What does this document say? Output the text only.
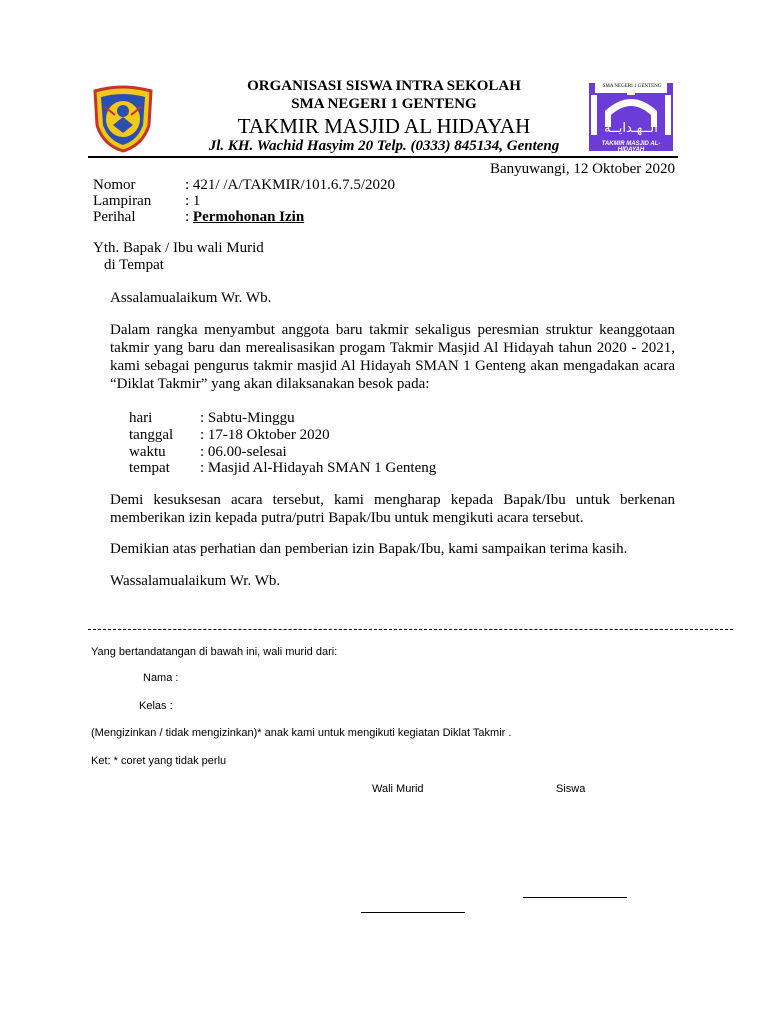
SMA NEGERI 1 GENTENG
الــهـدايــه
TAKMIR MASJID AL-HIDAYAH
ORGANISASI SISWA INTRA SEKOLAH
SMA NEGERI 1 GENTENG
TAKMIR MASJID AL HIDAYAH
Jl. KH. Wachid Hasyim 20 Telp. (0333) 845134, Genteng
Banyuwangi, 12 Oktober 2020
Nomor	: 421/ /A/TAKMIR/101.6.7.5/2020
Lampiran : 1
Perihal	: Permohonan Izin
Yth. Bapak / Ibu wali Murid
di Tempat
Assalamualaikum Wr. Wb.
Dalam rangka menyambut anggota baru takmir sekaligus peresmian struktur keanggotaan takmir yang baru dan merealisasikan progam Takmir Masjid Al Hidayah tahun 2020 - 2021, kami sebagai pengurus takmir masjid Al Hidayah SMAN 1 Genteng akan mengadakan acara “Diklat Takmir” yang akan dilaksanakan besok pada:
hari	: Sabtu-Minggu
tanggal : 17-18 Oktober 2020
waktu : 06.00-selesai
tempat : Masjid Al-Hidayah SMAN 1 Genteng
Demi kesuksesan acara tersebut, kami mengharap kepada Bapak/Ibu untuk berkenan memberikan izin kepada putra/putri Bapak/Ibu untuk mengikuti acara tersebut.
Demikian atas perhatian dan pemberian izin Bapak/Ibu, kami sampaikan terima kasih.
Wassalamualaikum Wr. Wb.
Yang bertandatangan di bawah ini, wali murid dari:
Nama :
Kelas :
(Mengizinkan / tidak mengizinkan)* anak kami untuk mengikuti kegiatan Diklat Takmir .
Ket: * coret yang tidak perlu
Wali Murid	Siswa
